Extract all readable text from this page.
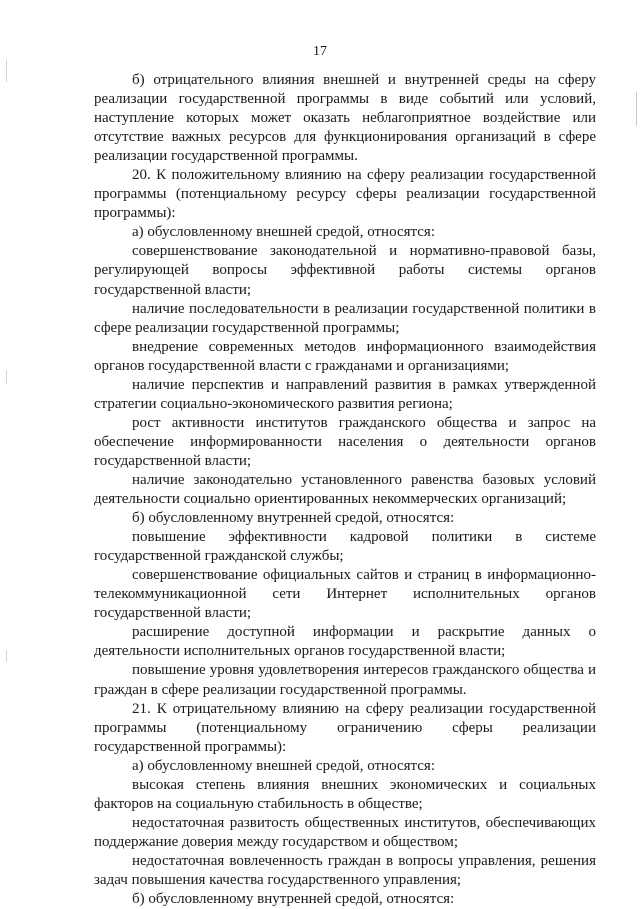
17

б) отрицательного влияния внешней и внутренней среды на сферу реализации государственной программы в виде событий или условий, наступление которых может оказать неблагоприятное воздействие или отсутствие важных ресурсов для функционирования организаций в сфере реализации государственной программы.

20. К положительному влиянию на сферу реализации государственной программы (потенциальному ресурсу сферы реализации государственной программы):

а) обусловленному внешней средой, относятся:

совершенствование законодательной и нормативно-правовой базы, регулирующей вопросы эффективной работы системы органов государственной власти;

наличие последовательности в реализации государственной политики в сфере реализации государственной программы;

внедрение современных методов информационного взаимодействия органов государственной власти с гражданами и организациями;

наличие перспектив и направлений развития в рамках утвержденной стратегии социально-экономического развития региона;

рост активности институтов гражданского общества и запрос на обеспечение информированности населения о деятельности органов государственной власти;

наличие законодательно установленного равенства базовых условий деятельности социально ориентированных некоммерческих организаций;

б) обусловленному внутренней средой, относятся:

повышение эффективности кадровой политики в системе государственной гражданской службы;

совершенствование официальных сайтов и страниц в информационно-телекоммуникационной сети Интернет исполнительных органов государственной власти;

расширение доступной информации и раскрытие данных о деятельности исполнительных органов государственной власти;

повышение уровня удовлетворения интересов гражданского общества и граждан в сфере реализации государственной программы.

21. К отрицательному влиянию на сферу реализации государственной программы (потенциальному ограничению сферы реализации государственной программы):

а) обусловленному внешней средой, относятся:

высокая степень влияния внешних экономических и социальных факторов на социальную стабильность в обществе;

недостаточная развитость общественных институтов, обеспечивающих поддержание доверия между государством и обществом;

недостаточная вовлеченность граждан в вопросы управления, решения задач повышения качества государственного управления;

б) обусловленному внутренней средой, относятся:
